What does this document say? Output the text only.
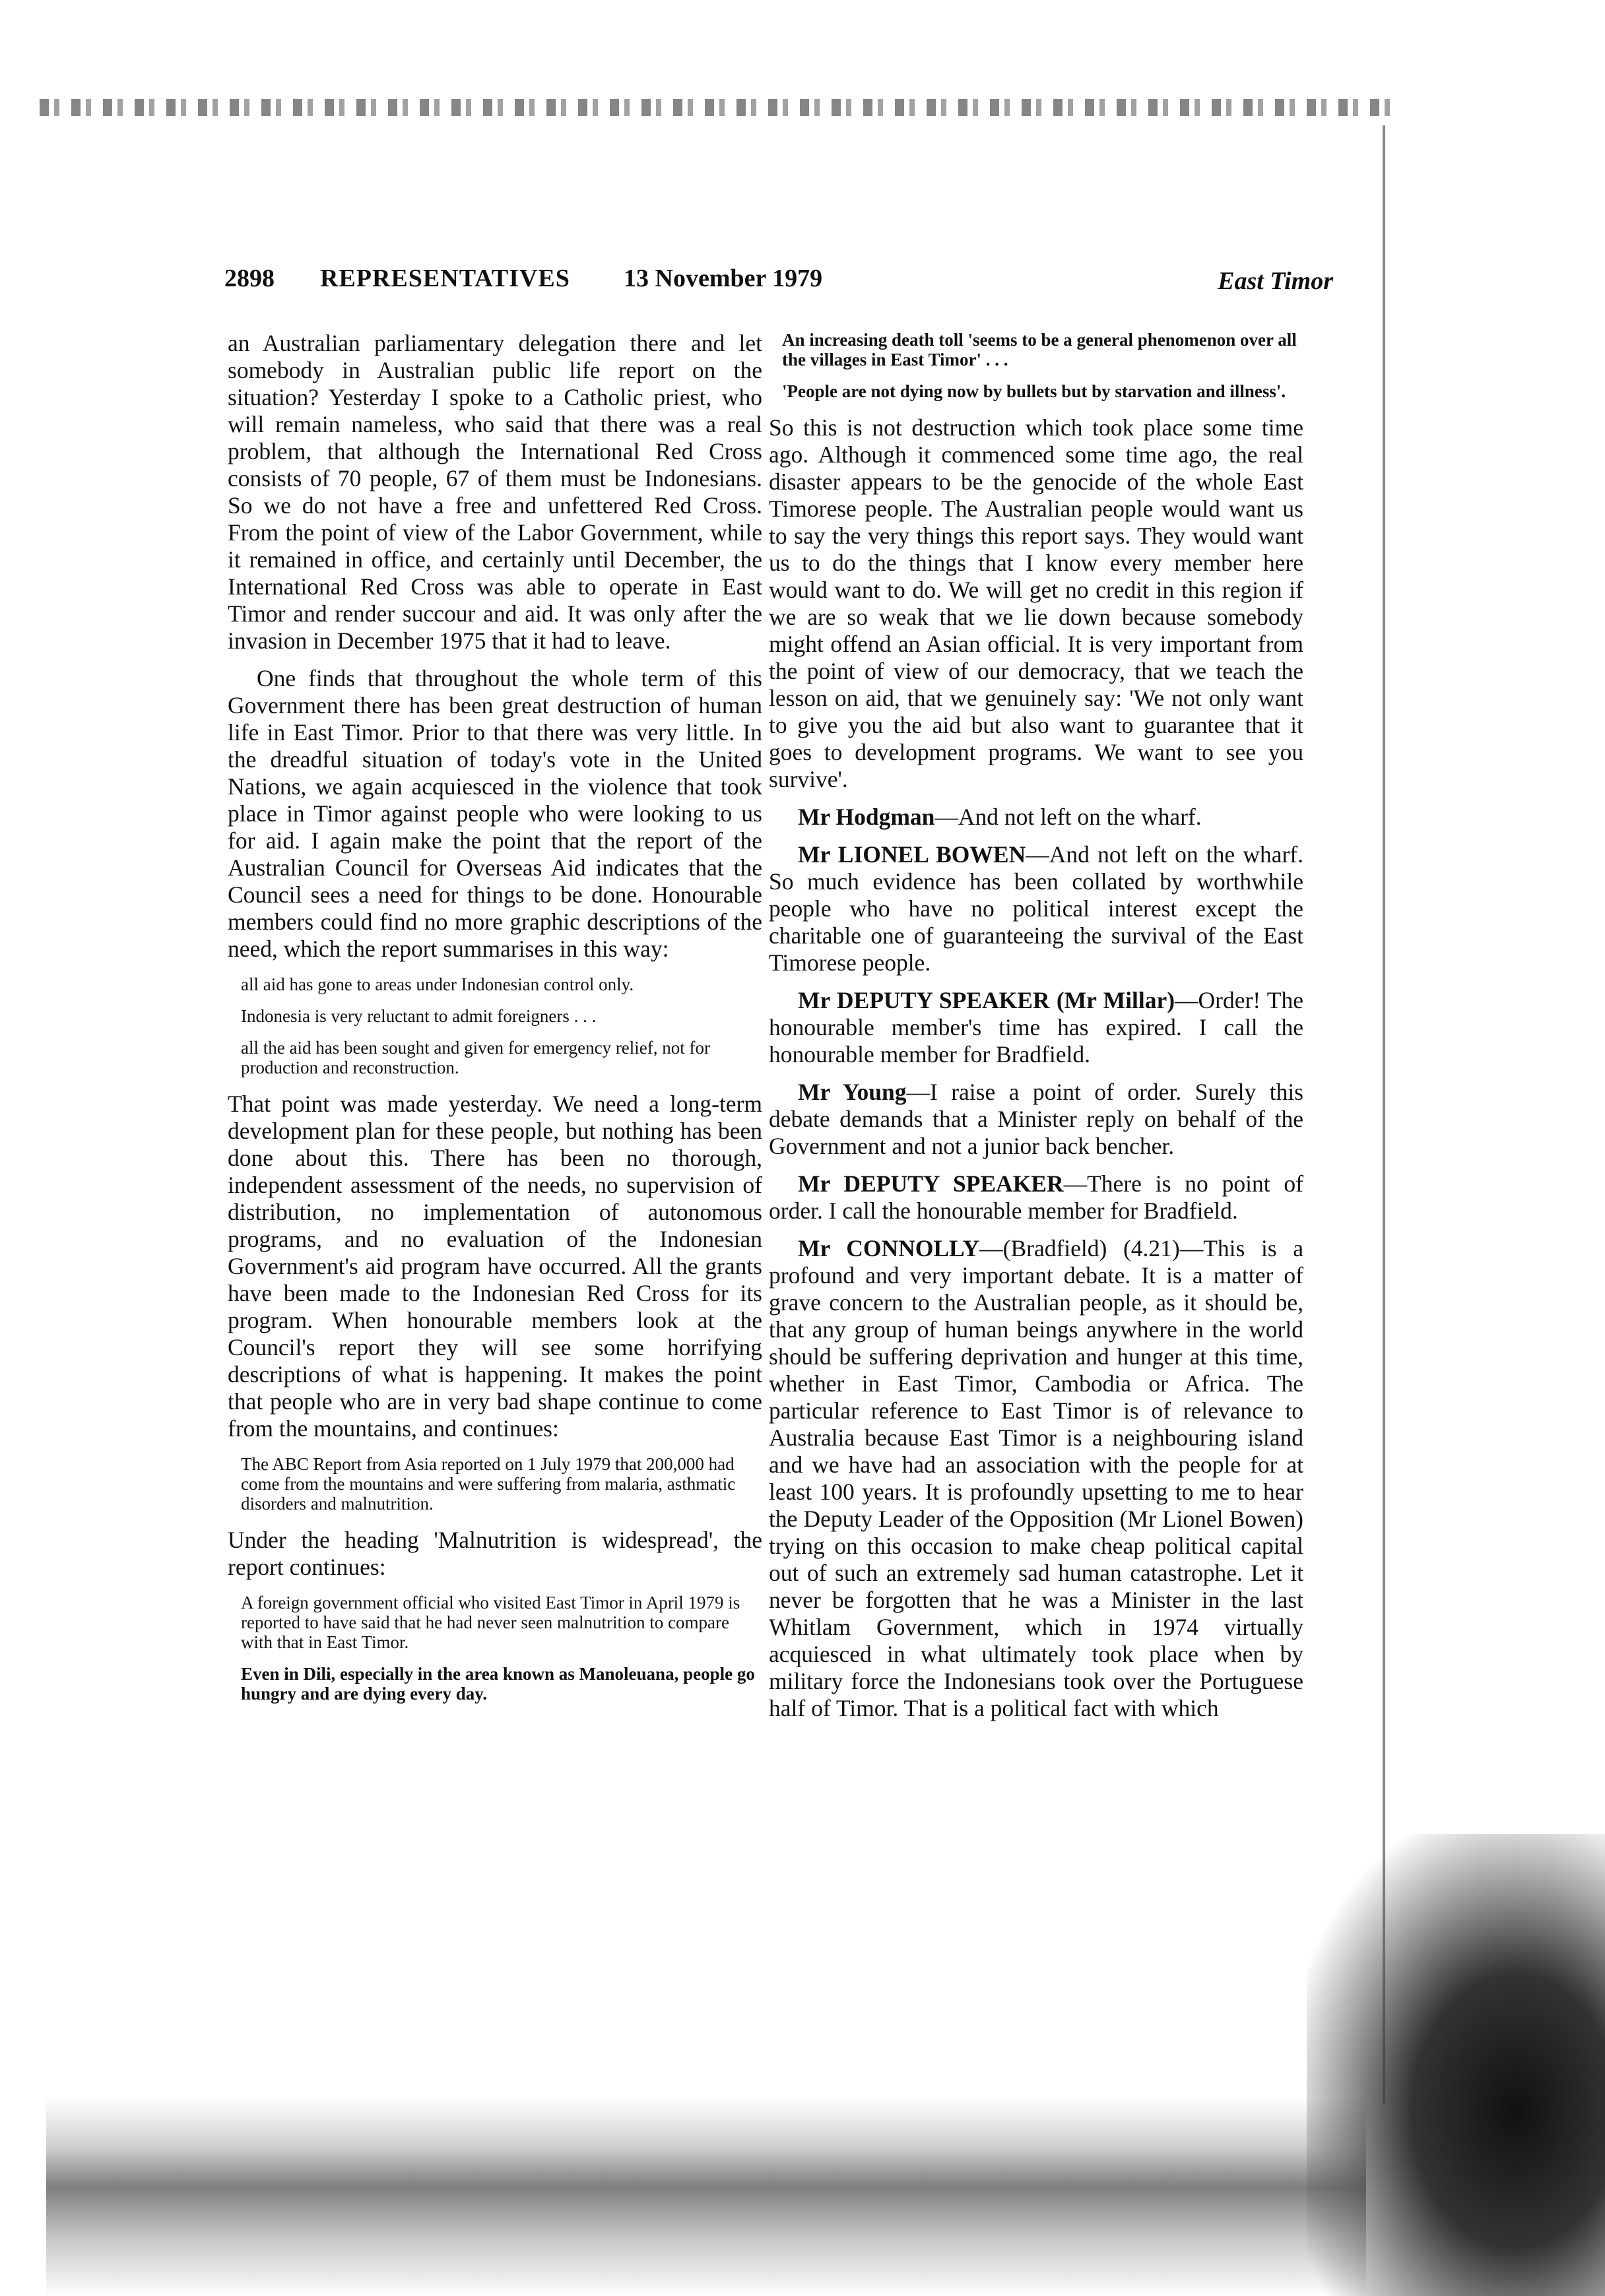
2898 REPRESENTATIVES 13 November 1979	East Timor

an Australian parliamentary delegation there and let somebody in Australian public life report on the situation? Yesterday I spoke to a Catholic priest, who will remain nameless, who said that there was a real problem, that although the International Red Cross consists of 70 people, 67 of them must be Indonesians. So we do not have a free and unfettered Red Cross. From the point of view of the Labor Government, while it remained in office, and certainly until December, the International Red Cross was able to operate in East Timor and render succour and aid. It was only after the invasion in December 1975 that it had to leave.

One finds that throughout the whole term of this Government there has been great destruction of human life in East Timor. Prior to that there was very little. In the dreadful situation of today's vote in the United Nations, we again acquiesced in the violence that took place in Timor against people who were looking to us for aid. I again make the point that the report of the Australian Council for Overseas Aid indicates that the Council sees a need for things to be done. Honourable members could find no more graphic descriptions of the need, which the report summarises in this way:

all aid has gone to areas under Indonesian control only.

Indonesia is very reluctant to admit foreigners . . .

all the aid has been sought and given for emergency relief, not for production and reconstruction.

That point was made yesterday. We need a long-term development plan for these people, but nothing has been done about this. There has been no thorough, independent assessment of the needs, no supervision of distribution, no implementation of autonomous programs, and no evaluation of the Indonesian Government's aid program have occurred. All the grants have been made to the Indonesian Red Cross for its program. When honourable members look at the Council's report they will see some horrifying descriptions of what is happening. It makes the point that people who are in very bad shape continue to come from the mountains, and continues:

The ABC Report from Asia reported on 1 July 1979 that 200,000 had come from the mountains and were suffering from malaria, asthmatic disorders and malnutrition.

Under the heading 'Malnutrition is widespread', the report continues:

A foreign government official who visited East Timor in April 1979 is reported to have said that he had never seen malnutrition to compare with that in East Timor.

Even in Dili, especially in the area known as Manoleuana, people go hungry and are dying every day.

An increasing death toll 'seems to be a general phenomenon over all the villages in East Timor' . . .

'People are not dying now by bullets but by starvation and illness'.

So this is not destruction which took place some time ago. Although it commenced some time ago, the real disaster appears to be the genocide of the whole East Timorese people. The Australian people would want us to say the very things this report says. They would want us to do the things that I know every member here would want to do. We will get no credit in this region if we are so weak that we lie down because somebody might offend an Asian official. It is very important from the point of view of our democracy, that we teach the lesson on aid, that we genuinely say: 'We not only want to give you the aid but also want to guarantee that it goes to development programs. We want to see you survive'.

Mr Hodgman—And not left on the wharf.

Mr LIONEL BOWEN—And not left on the wharf. So much evidence has been collated by worthwhile people who have no political interest except the charitable one of guaranteeing the survival of the East Timorese people.

Mr DEPUTY SPEAKER (Mr Millar)—Order! The honourable member's time has expired. I call the honourable member for Bradfield.

Mr Young—I raise a point of order. Surely this debate demands that a Minister reply on behalf of the Government and not a junior back bencher.

Mr DEPUTY SPEAKER—There is no point of order. I call the honourable member for Bradfield.

Mr CONNOLLY—(Bradfield) (4.21)—This is a profound and very important debate. It is a matter of grave concern to the Australian people, as it should be, that any group of human beings anywhere in the world should be suffering deprivation and hunger at this time, whether in East Timor, Cambodia or Africa. The particular reference to East Timor is of relevance to Australia because East Timor is a neighbouring island and we have had an association with the people for at least 100 years. It is profoundly upsetting to me to hear the Deputy Leader of the Opposition (Mr Lionel Bowen) trying on this occasion to make cheap political capital out of such an extremely sad human catastrophe. Let it never be forgotten that he was a Minister in the last Whitlam Government, which in 1974 virtually acquiesced in what ultimately took place when by military force the Indonesians took over the Portuguese half of Timor. That is a political fact with which
